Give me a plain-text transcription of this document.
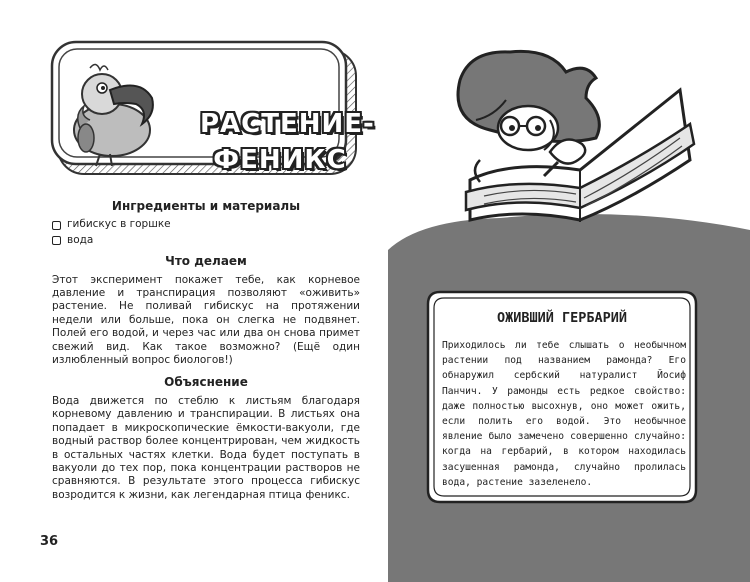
РАСТЕНИЕ-
ФЕНИКС
Ингредиенты и материалы
гибискус в горшке
вода
Что делаем

Этот эксперимент покажет тебе, как корневое давление и транспирация позволяют «оживить» растение. Не поливай гибискус на протяжении недели или больше, пока он слегка не подвянет. Полей его водой, и через час или два он снова примет свежий вид. Как такое возможно? (Ещё один излюбленный вопрос биологов!)

Объяснение

Вода движется по стеблю к листьям благодаря корневому давлению и транспирации. В листьях она попадает в микроскопические ёмкости-вакуоли, где водный раствор более концентрирован, чем жидкость в остальных частях клетки. Вода будет поступать в вакуоли до тех пор, пока концентрации растворов не сравняются. В результате этого процесса гибискус возродится к жизни, как легендарная птица феникс.

36
ОЖИВШИЙ ГЕРБАРИЙ
Приходилось ли тебе слышать о необычном растении под названием рамонда? Его обнаружил сербский натуралист Йосиф Панчич. У рамонды есть редкое свойство: даже полностью высохнув, оно может ожить, если полить его водой. Это необычное явление было замечено совершенно случайно: когда на гербарий, в котором находилась засушенная рамонда, случайно пролилась вода, растение зазеленело.
